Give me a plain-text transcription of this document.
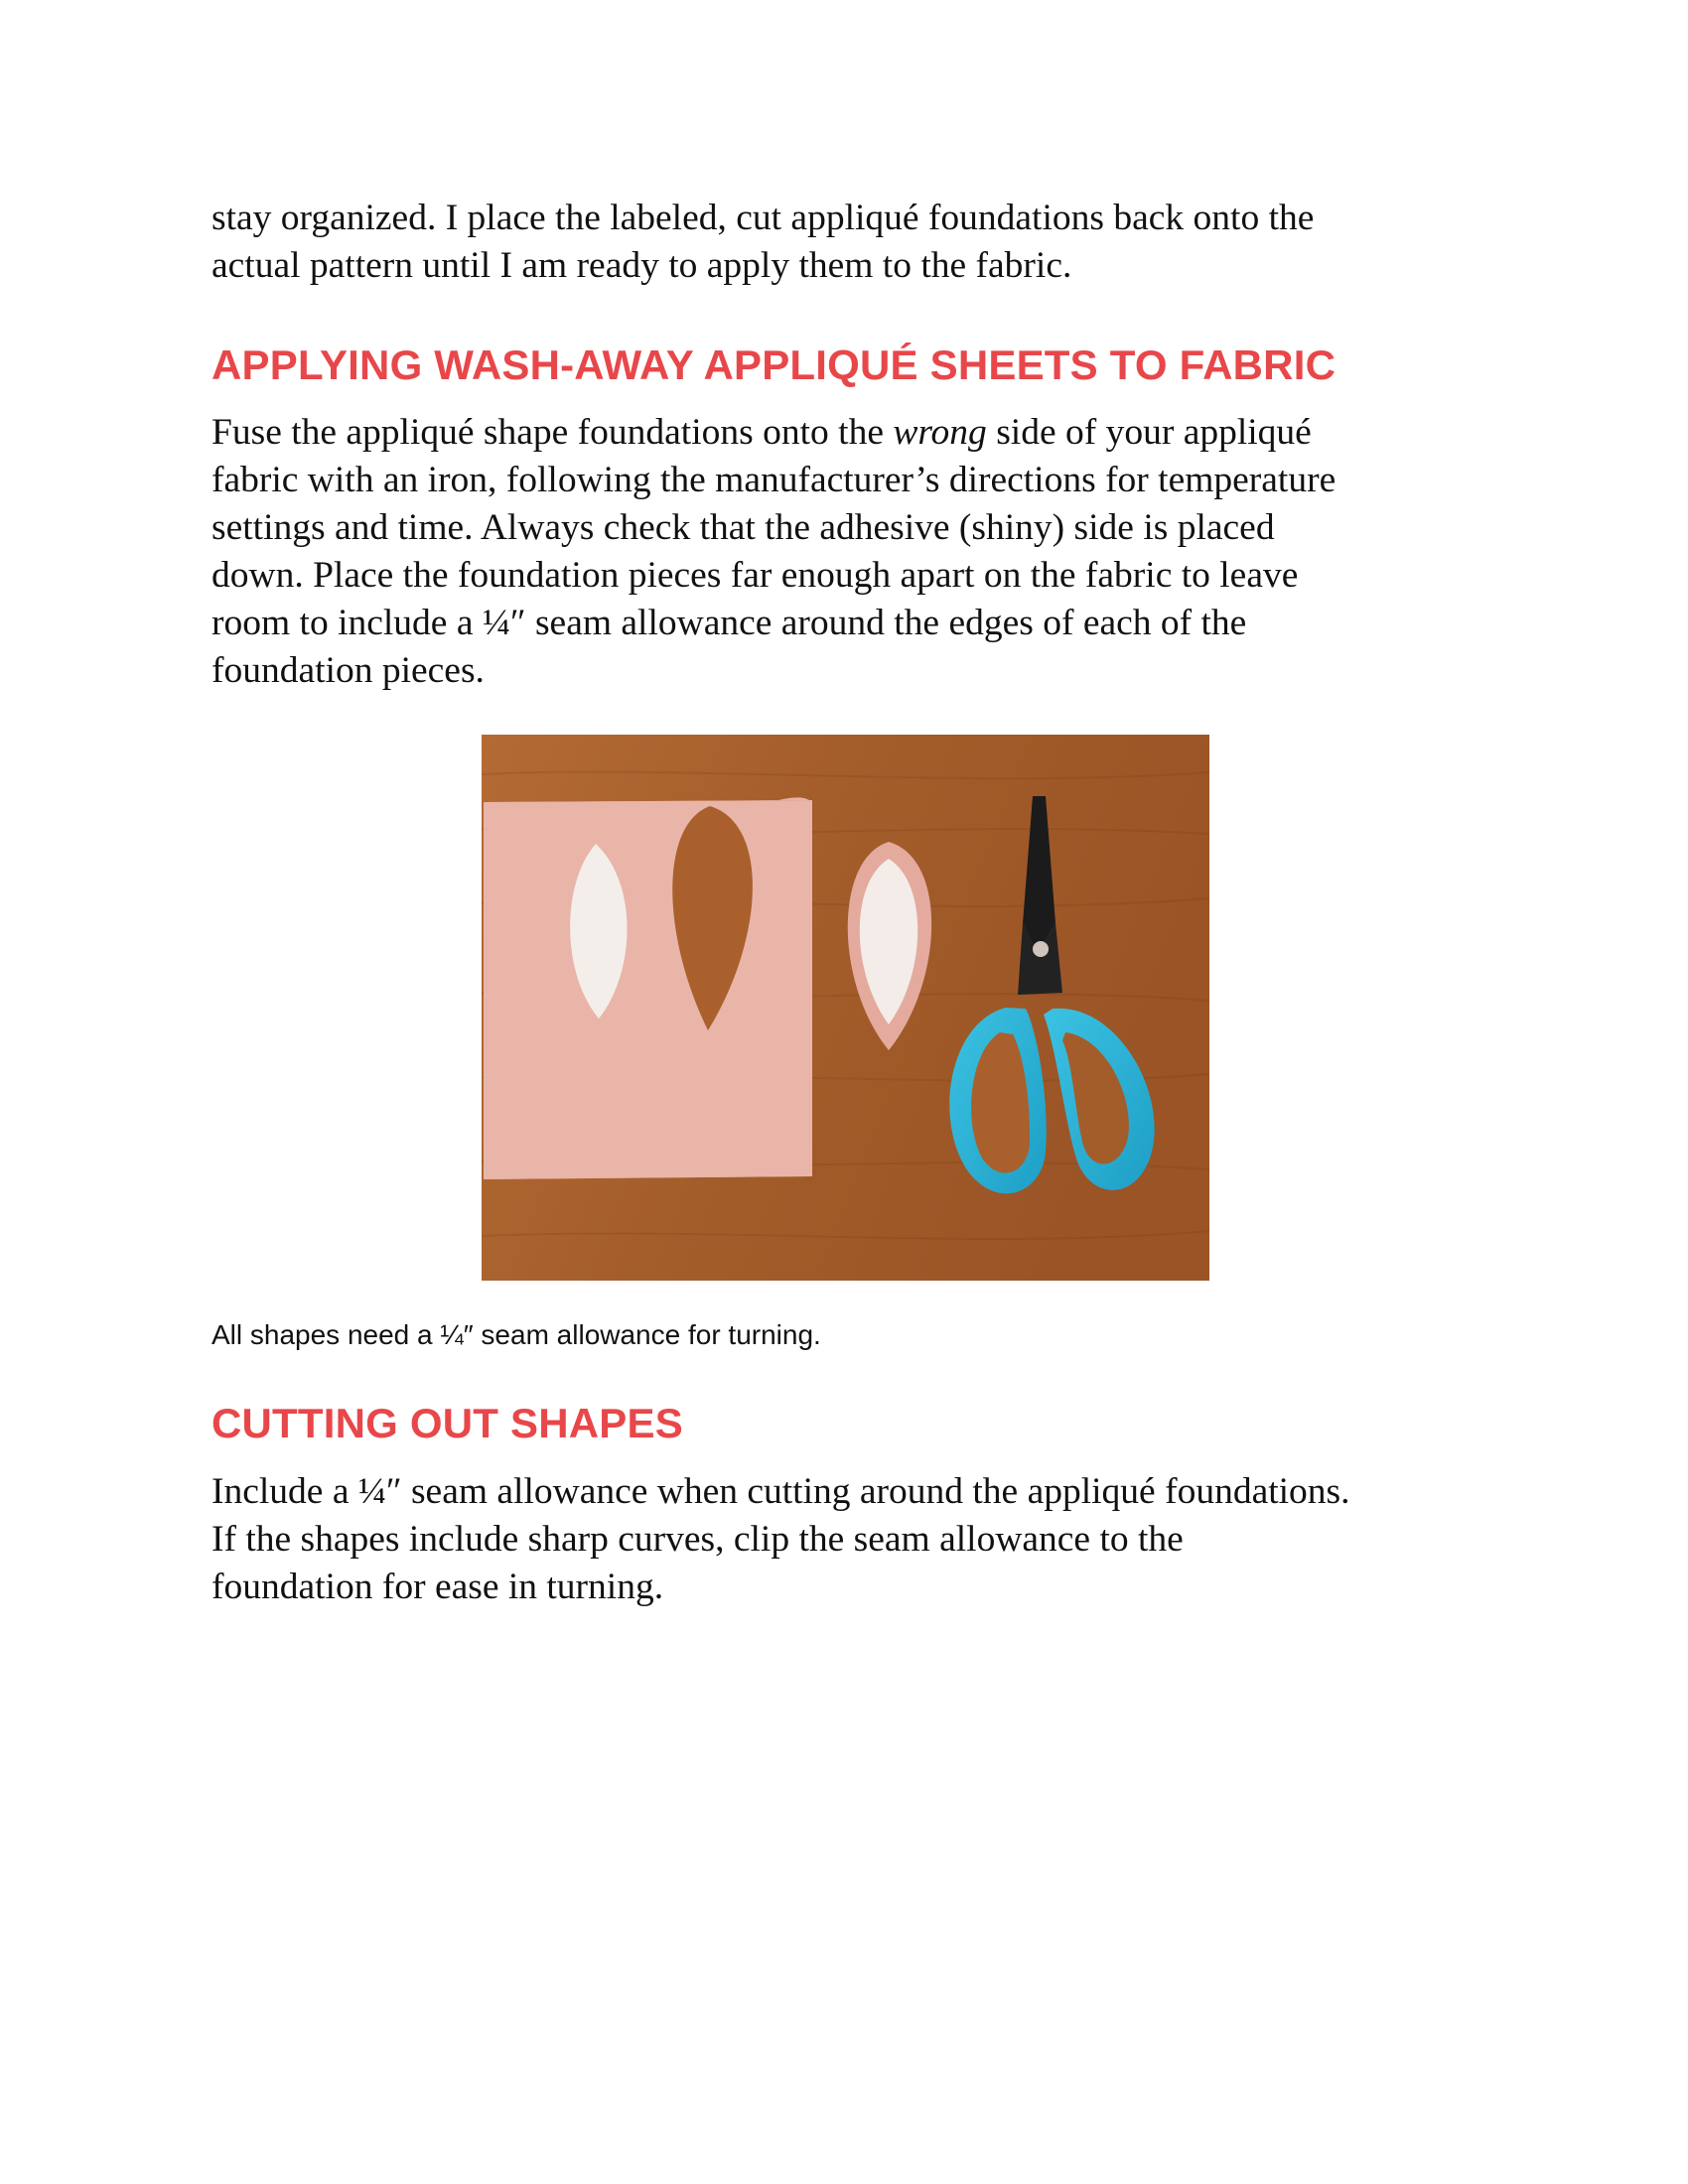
stay organized. I place the labeled, cut appliqué foundations back onto the
actual pattern until I am ready to apply them to the fabric.

APPLYING WASH-AWAY APPLIQUÉ SHEETS TO FABRIC

Fuse the appliqué shape foundations onto the wrong side of your appliqué
fabric with an iron, following the manufacturer’s directions for temperature
settings and time. Always check that the adhesive (shiny) side is placed
down. Place the foundation pieces far enough apart on the fabric to leave
room to include a ¼″ seam allowance around the edges of each of the
foundation pieces.

All shapes need a ¼″ seam allowance for turning.

CUTTING OUT SHAPES

Include a ¼″ seam allowance when cutting around the appliqué foundations.
If the shapes include sharp curves, clip the seam allowance to the
foundation for ease in turning.
